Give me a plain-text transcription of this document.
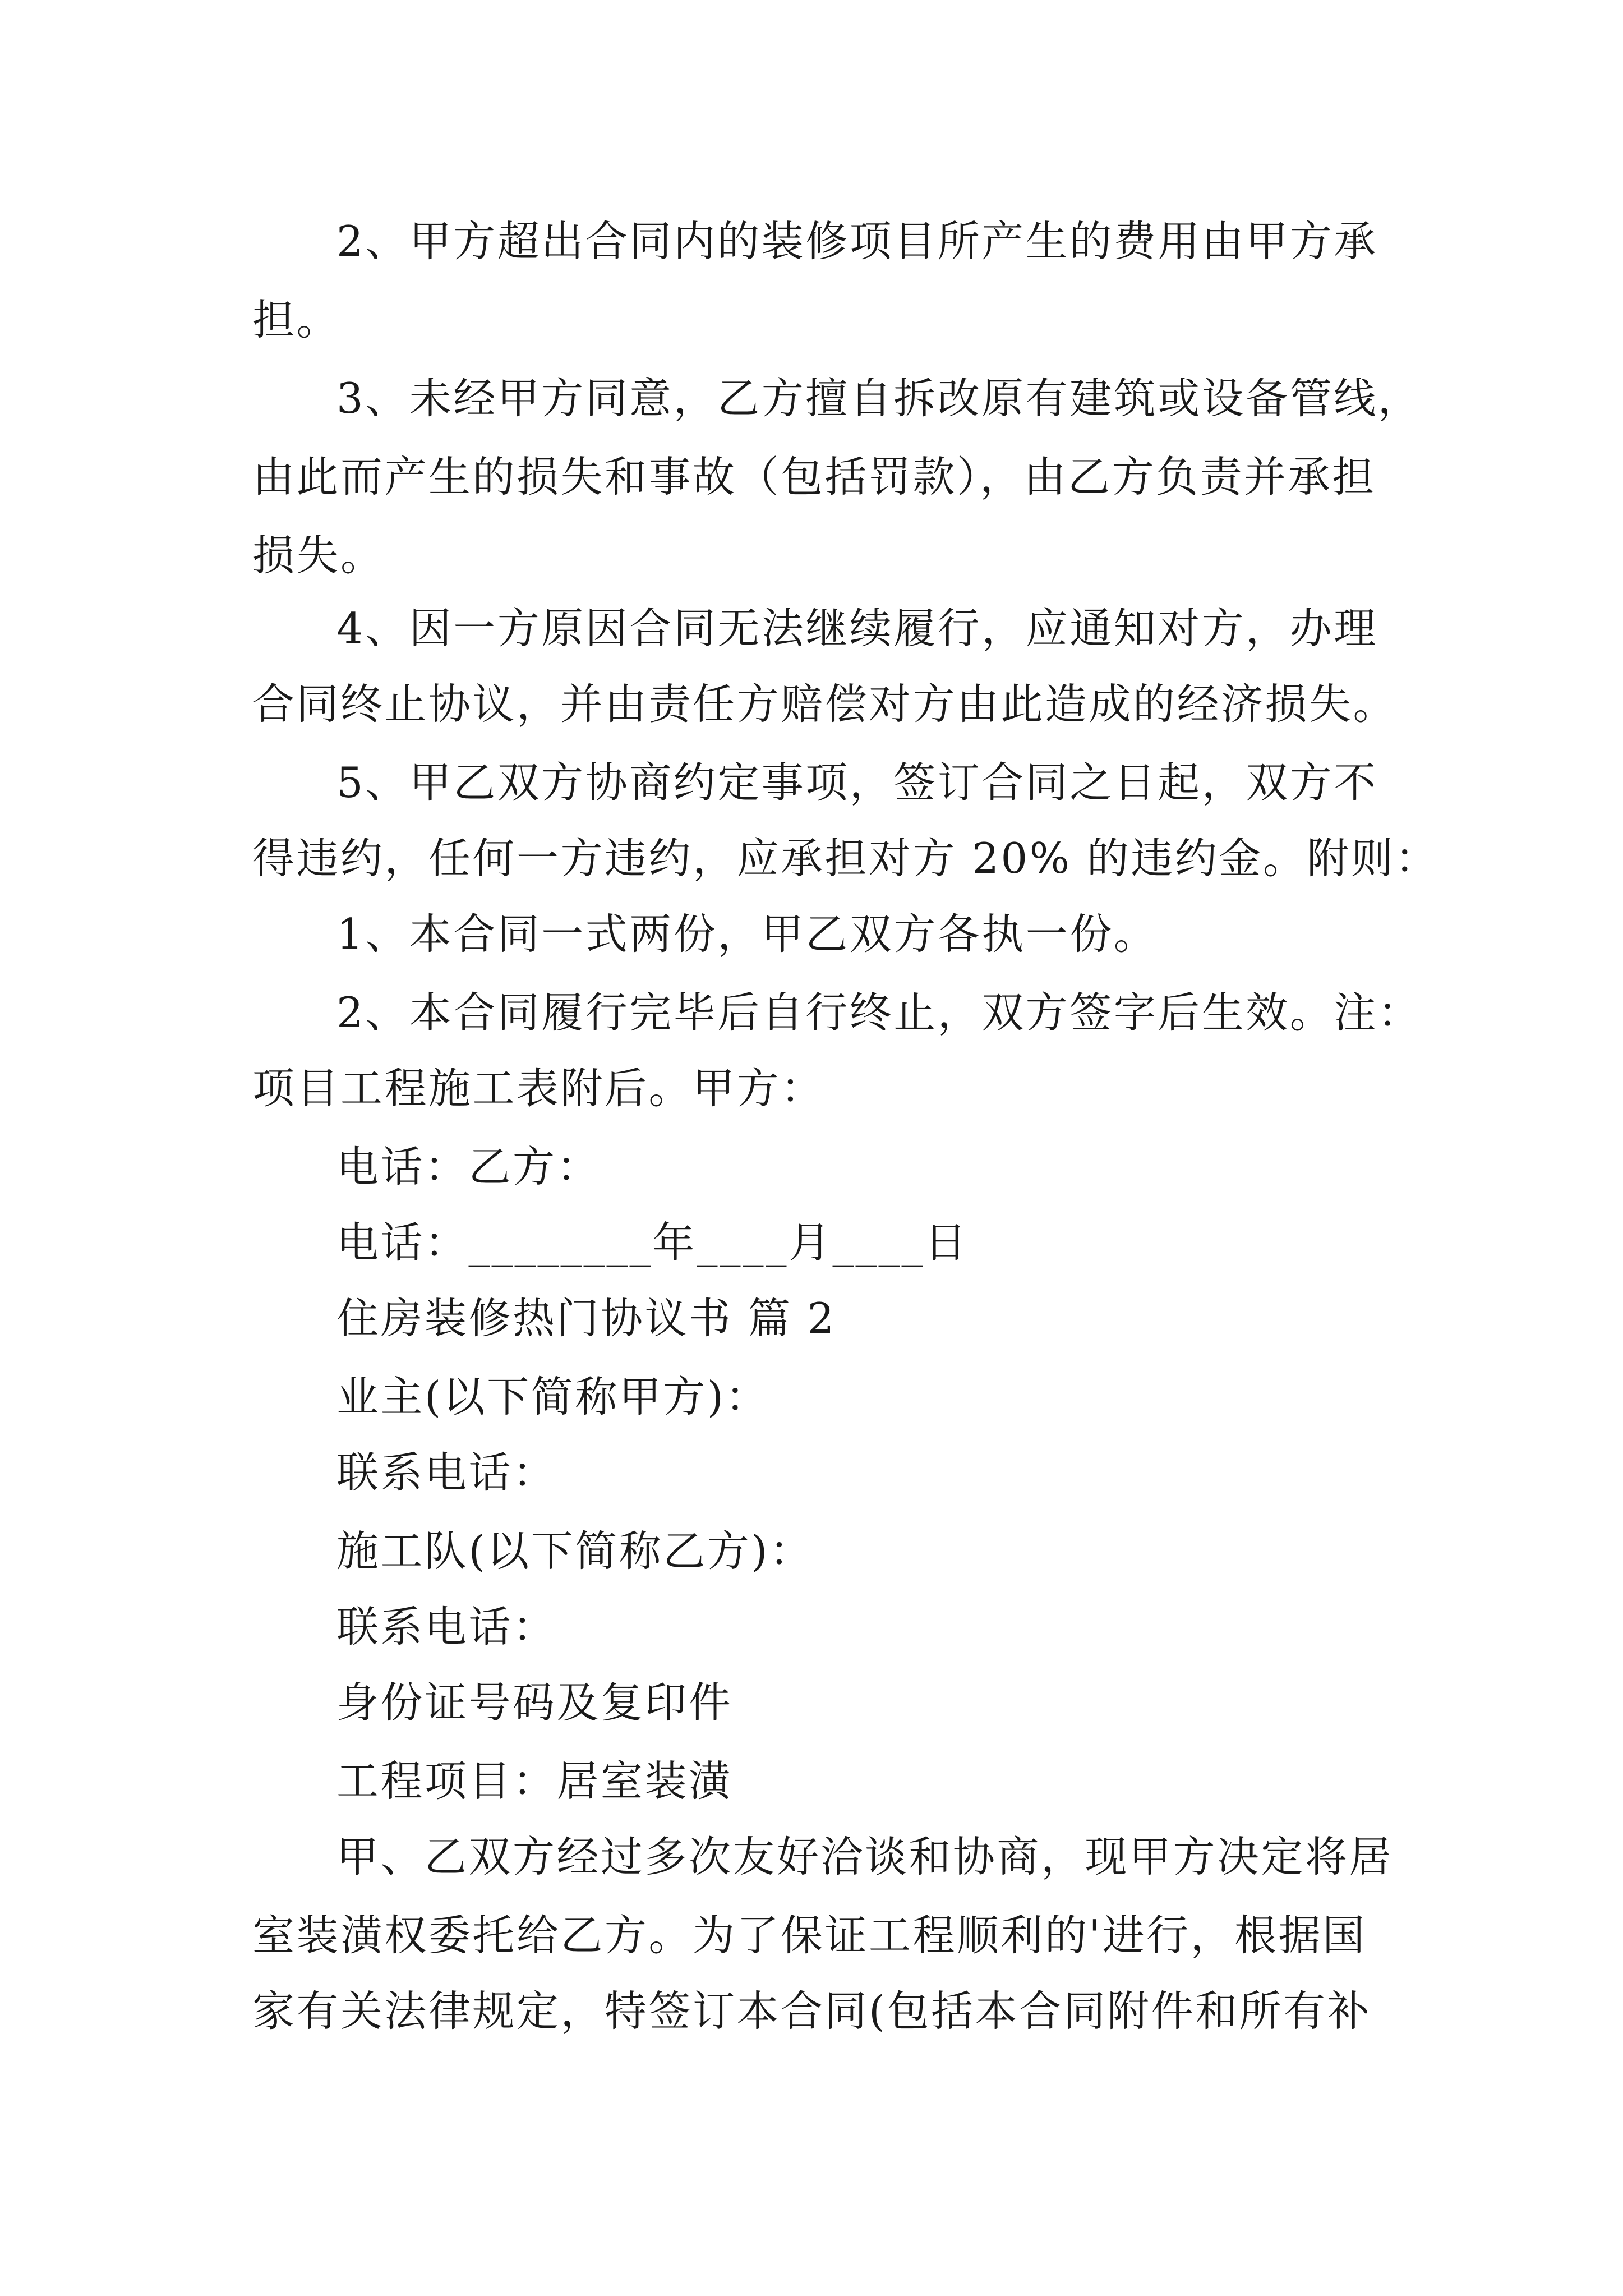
2、甲方超出合同内的装修项目所产生的费用由甲方承

担。

3、未经甲方同意，乙方擅自拆改原有建筑或设备管线，

由此而产生的损失和事故（包括罚款），由乙方负责并承担

损失。

4、因一方原因合同无法继续履行，应通知对方，办理

合同终止协议，并由责任方赔偿对方由此造成的经济损失。

5、甲乙双方协商约定事项，签订合同之日起，双方不

得违约，任何一方违约，应承担对方 20% 的违约金。附则：

1、本合同一式两份，甲乙双方各执一份。

2、本合同履行完毕后自行终止，双方签字后生效。注：

项目工程施工表附后。甲方：

电话：乙方：

电话：________年____月____日

住房装修热门协议书 篇 2

业主(以下简称甲方)：

联系电话：

施工队(以下简称乙方)：

联系电话：

身份证号码及复印件

工程项目：居室装潢

甲、乙双方经过多次友好洽谈和协商，现甲方决定将居

室装潢权委托给乙方。为了保证工程顺利的'进行，根据国

家有关法律规定，特签订本合同(包括本合同附件和所有补
